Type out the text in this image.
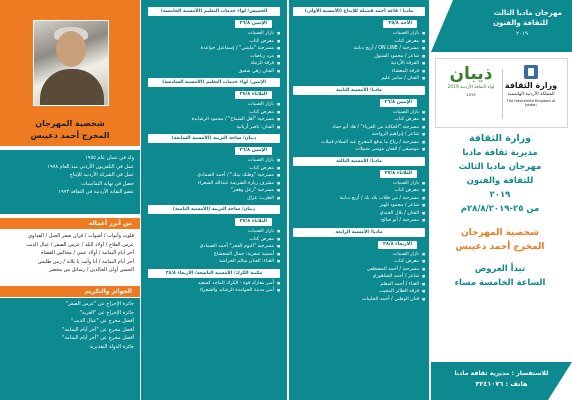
شخصية المهرجان
المخرج أحمد دعيبس
ولد في عمان عام ١٩٥٥
عمل في التلفزيون الأردني منذ العام ١٩٧٨
عمل في الشركة الأردنية للإنتاج
حصل في نهاية الثمانينيات
عضو النقابة الأردنية في الثقافة ١٩٩٣
من أبرز أعماله
قلوب وأبواب / أصوات / قران صقر الجبل / الفداوي
عرس الفلاح / أولاد البلد / عرس الصقر / عيال الذيب
أخر أيام اليمامة / أولاد عمي / مجالس القضاة
أخر أيام اليمامة / أنا وأنت يا ثلاثة / زمن طليس
الحسن أولى الخالدين / رسائل من مخضر
الجوائز والتكريم
جائزة الإخراج عن "عرس الصقر"
جائزة الإخراج عن "الغربة"
أفضل مخرج عن "عيال الذيب"
أفضل مخرج عن "أخر أيام اليمامة"
أفضل مخرج عن "أخر أيام اليمامة"
جائزة الدولة التقديرية
الخميس/ لواء خدمات التعليم (الأمسية الخامسة)
الإثنين ٢٦/٨
■ بازار الصبيات
■ معرض كتاب
■ مسرحية "مليتتي" / إسماعيل حواعدة
■ مرد رياضات
■ فرقة الرملة
■ الفنان زهي شقيق
الإثنين/ لواء خدمات التعليم (الأمسية السادسة)
الثلاثاء ٢٧/٨
■ بازار الصبيات
■ معرض كتاب
■ مسرحية "أهل الشماح" / محمود الرشايدة
■ الفنان: ناصر أربانية
ذيبان/ ساحة التربية (الأمسية السابعة)
الإثنين ٢٦/٨
■ بازار الصبيات
■ معرض كتاب
■ مسرحية "وطنك بيتك" / أحمد الصمادي
■ مشرف زيارة الشريمة عبدالله الشعراء
■ مسرحية "زعل وهجر"
■ الطرب: غزال
ذيبان/ ساحة التربية (الأمسية الثامنة)
الثلاثاء ٢٧/٨
■ بازار الصبيات
■ معرض كتاب
■ مسرحية "البوم الفجر" أحمد الصمادي
■ أمسية شعرية: جمال الشعشاع
■ الغناء: الفنان سالم الخراشة
مكتبة الكرك/ الأمسية التاسعة/ الأربعاء ٢٨/٨
■ أمير معارك قوة - الكرك الماجد كسعيد
■ أمير مدينة الحوامدة الرشايد والشعراء
مادبا / قاعة أحمد فضيلة للإبداع (الأمسية الأولى)
الأحد ٢٥/٨
■ بازار الصبيات
■ معرض كتاب
■ مسرحية / ON LINE / أريج دبابنة
■ شاعر / محمود الشبول
■ الفرقة الأردنية
■ فرقة المعشاء
■ الفنان / سامر عليم
مادبا/ الأمسية الثانية
الإثنين ٢٦/٨
■ بازار الصبيات
■ معرض كتاب
■ مسرحية "الحكاية من الفرياء" / هاد أبو حماد
■ شاعر / إبراهيم الرواحنة
■ مسرحية / رياح ما يدفع المخرج عبد السلام قبيلات
■ موسيقى / الفنان موسى شبيلات
مادبا/ الأمسية الثالثة
الثلاثاء ٢٧/٨
■ بازار الصبيات
■ معرض كتاب
■ مسرحية / من طلاب يلاد بك / أريج دبابنة
■ شاعر / محمود الهير
■ الفنان / بلال الجندي
■ مسرحية / أبو صالح
مادبا/ الأمسية الرابعة
الأربعاء ٢٨/٨
■ بازار الصبيات
■ معرض كتاب
■ مسرحية / أحمد المصطفى
■ شاعر / أحمد الشاهوري
■ الغناء / أحمد المعلم
■ فرقة الطائر المجيب
■ فنان الوطني / أحمد الجلبيات
مهرجان مادبا الثالث
للثقافة والفنون
٢٠١٩
ذيبان
لواء الثقافة الأردنية 2019
2019
وزارة الثقافة
المملكة الأردنية الهاشمية
The Hashemite Kingdom of Jordan
وزارة الثقافة
مديرية ثقافة مادبا
مهرجان مادبا الثالث
للثقافة والفنون
٢٠١٩
من ٢٥-٢٨/٨/٢٠١٩م
شخصية المهرجان
المخرج أحمد دعيبس
تبدأ العروض
الساعة الخامسة مساء
للاستفسار : مديرية ثقافة مادبا
هاتف : ٣٢٤١٠٧٦
